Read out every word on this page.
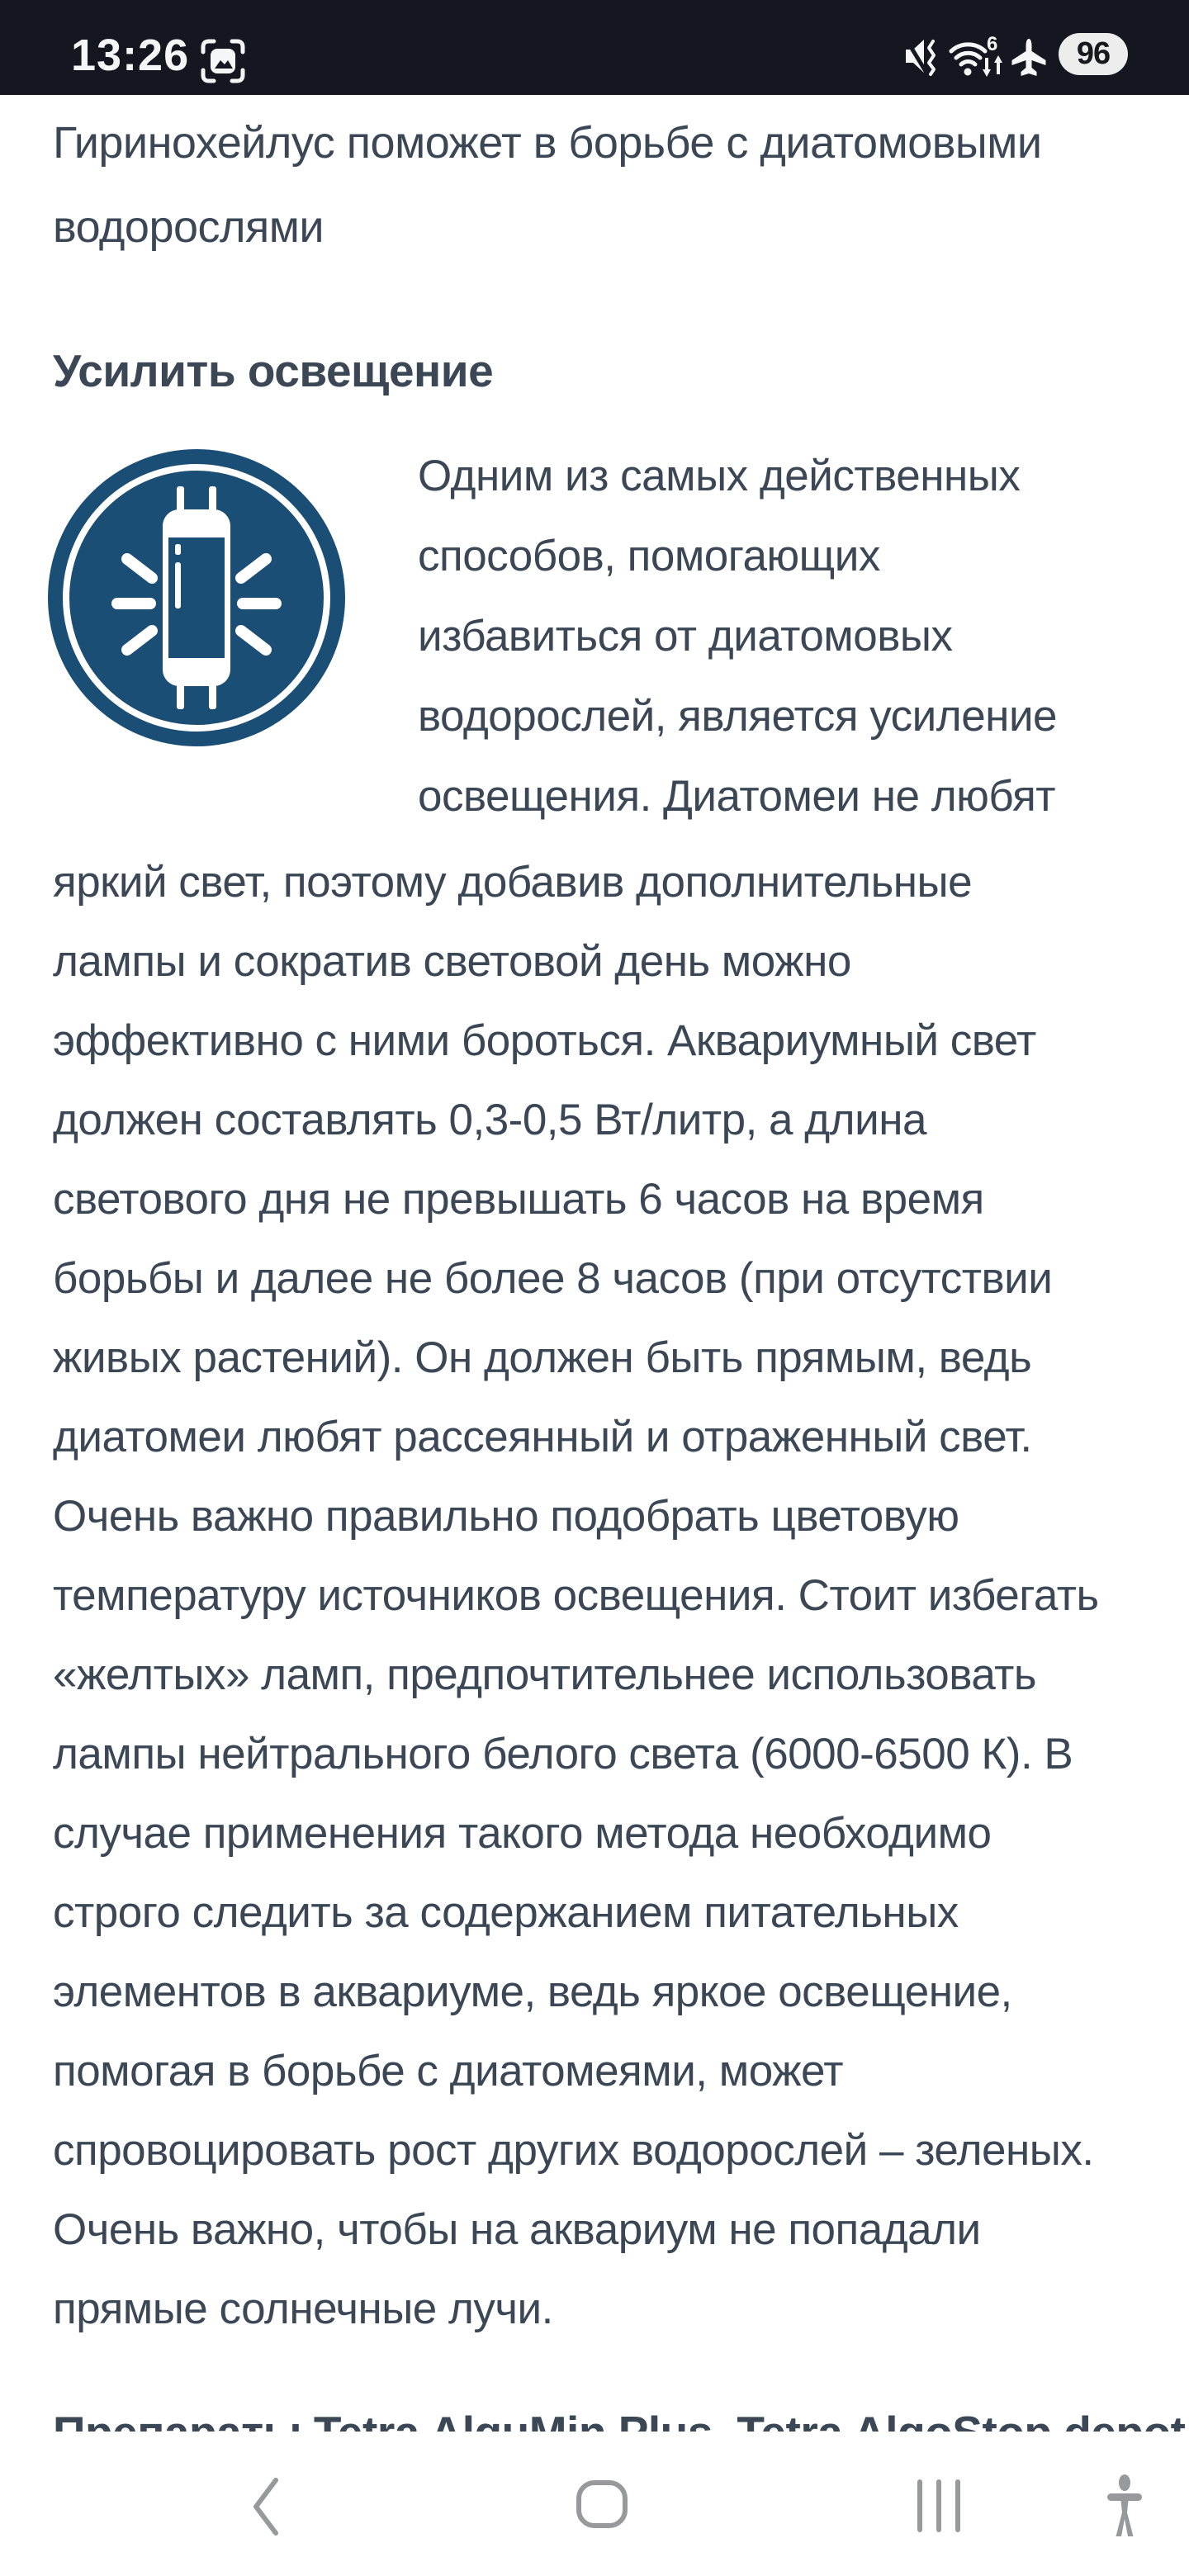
13:26	6	96
Гиринохейлус поможет в борьбе с диатомовыми
водорослями
Усилить освещение
Одним из самых действенных
способов, помогающих
избавиться от диатомовых
водорослей, является усиление
освещения. Диатомеи не любят
яркий свет, поэтому добавив дополнительные
лампы и сократив световой день можно
эффективно с ними бороться. Аквариумный свет
должен составлять 0,3-0,5 Вт/литр, а длина
светового дня не превышать 6 часов на время
борьбы и далее не более 8 часов (при отсутствии
живых растений). Он должен быть прямым, ведь
диатомеи любят рассеянный и отраженный свет.
Очень важно правильно подобрать цветовую
температуру источников освещения. Стоит избегать
«желтых» ламп, предпочтительнее использовать
лампы нейтрального белого света (6000-6500 К). В
случае применения такого метода необходимо
строго следить за содержанием питательных
элементов в аквариуме, ведь яркое освещение,
помогая в борьбе с диатомеями, может
спровоцировать рост других водорослей – зеленых.
Очень важно, чтобы на аквариум не попадали
прямые солнечные лучи.
